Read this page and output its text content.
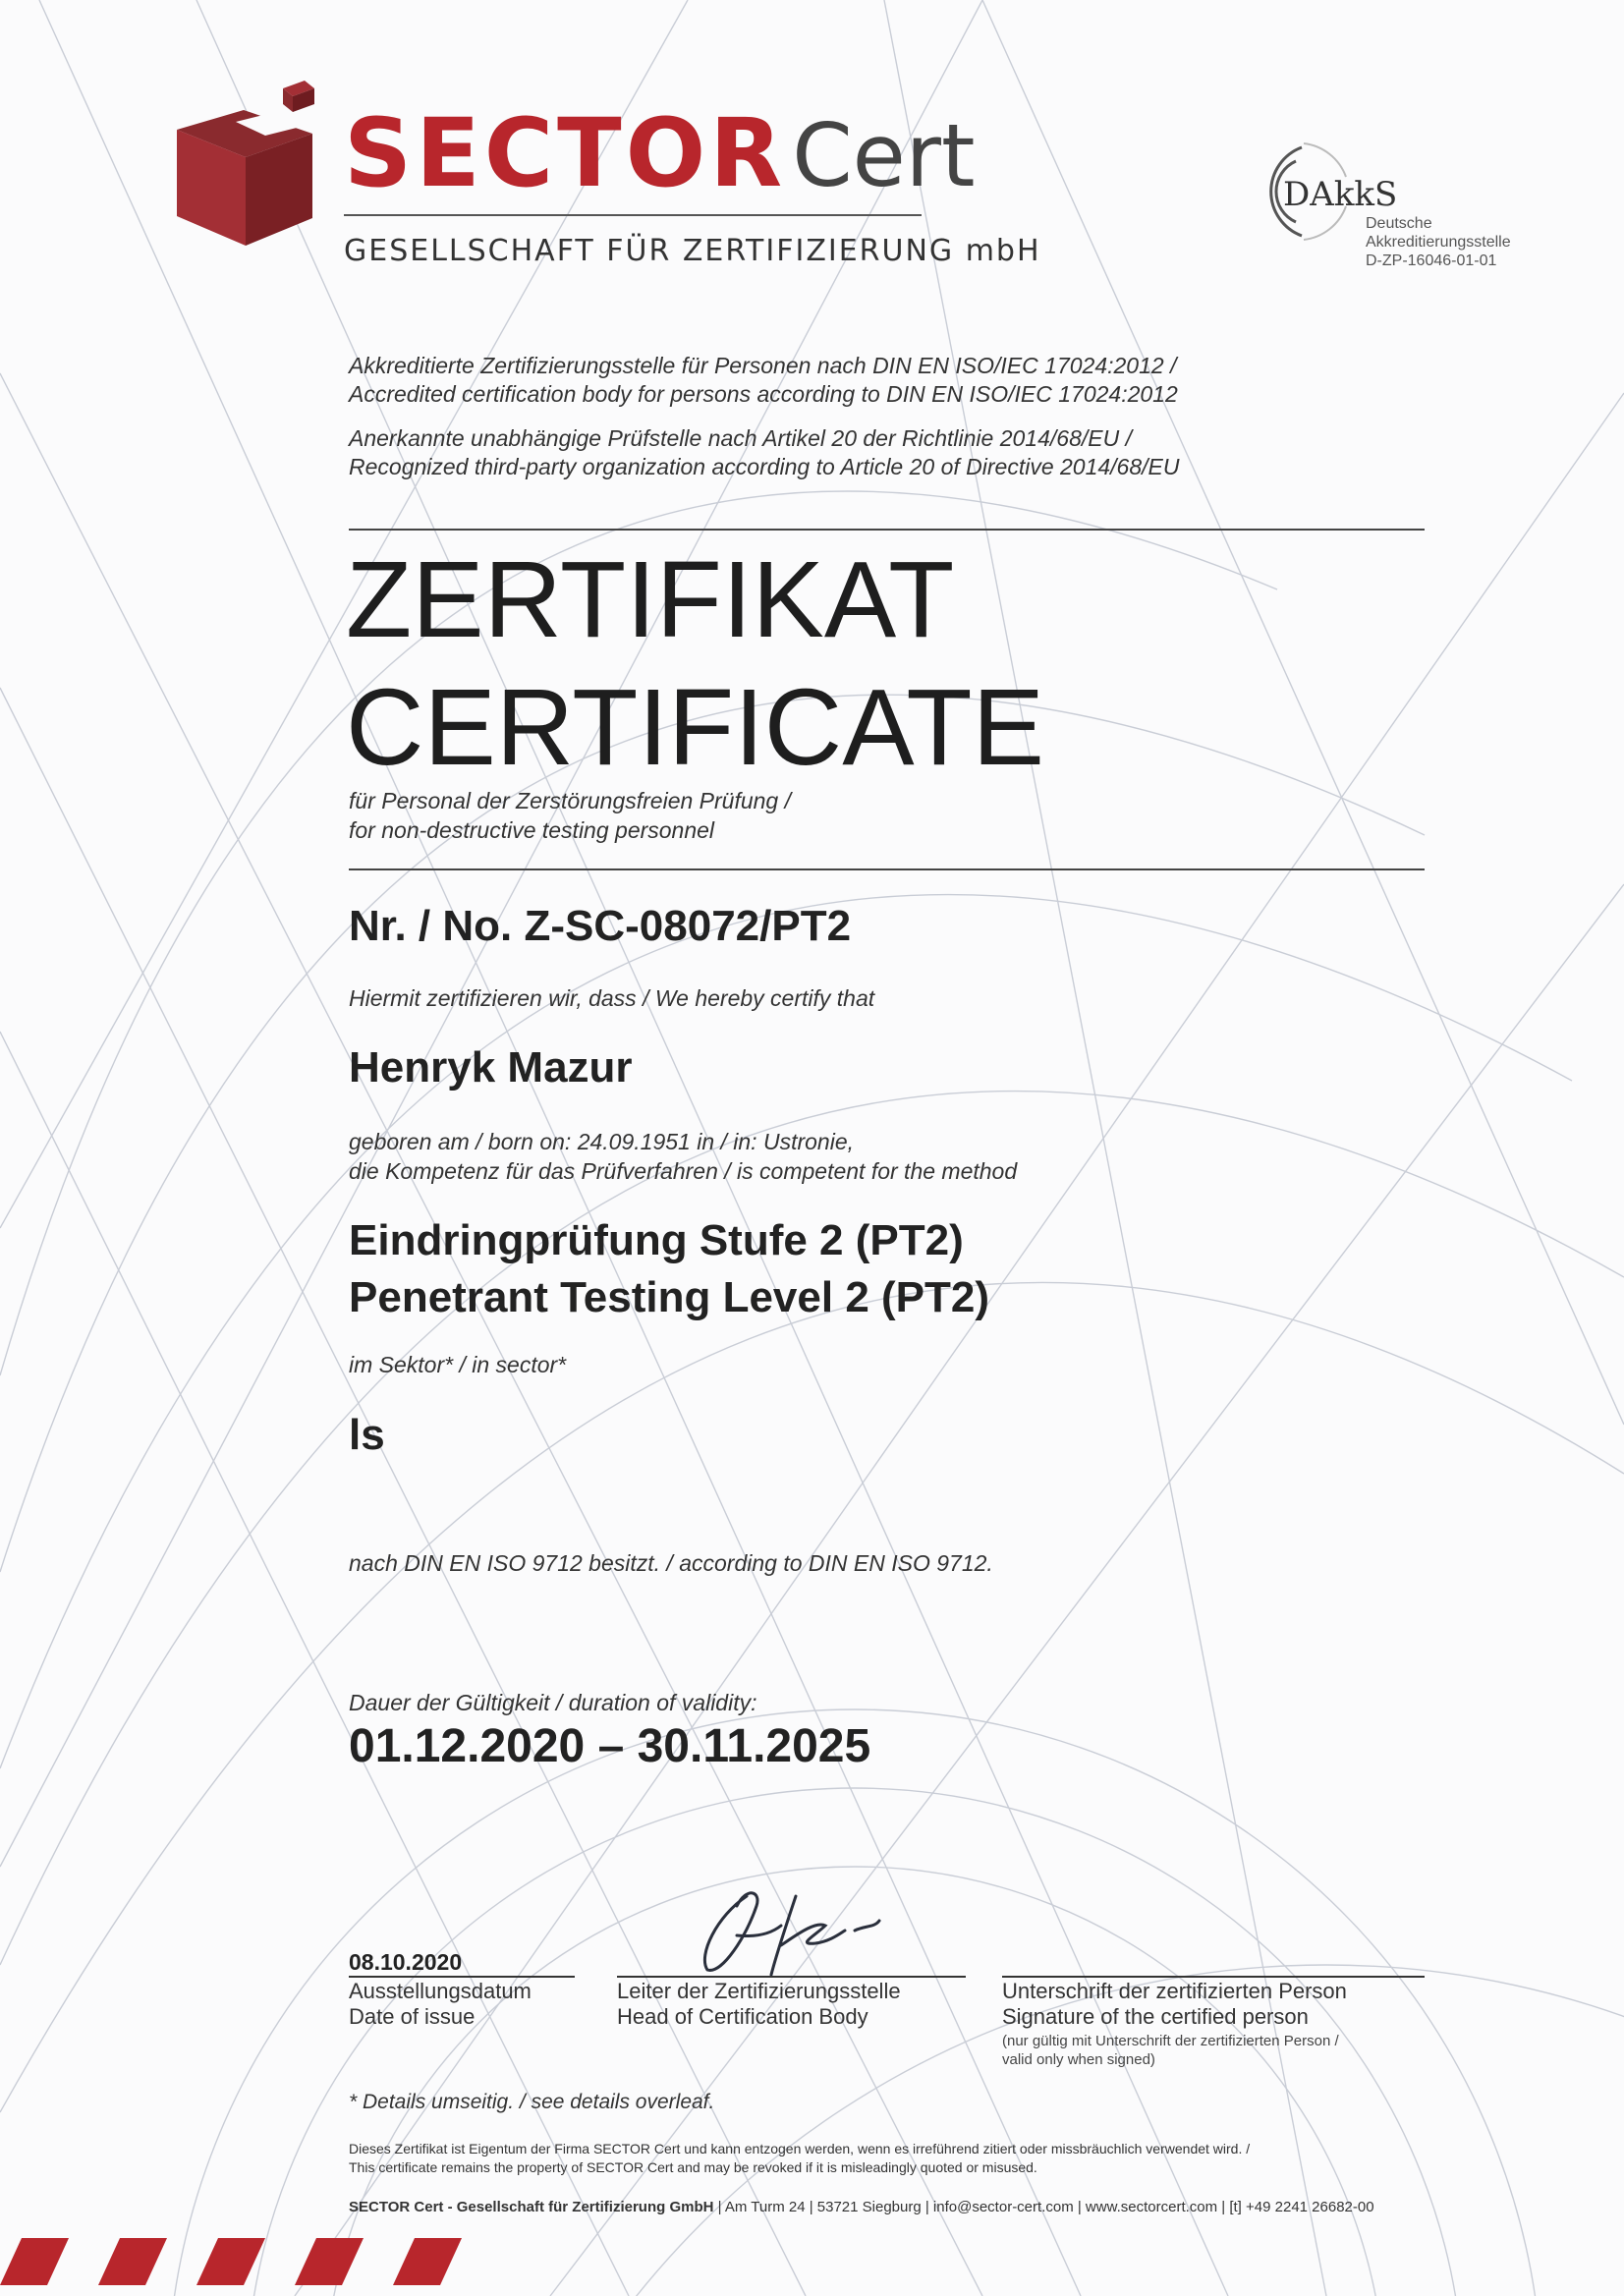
SECTORCert
GESELLSCHAFT FÜR ZERTIFIZIERUNG mbH
DAkkS
Deutsche
Akkreditierungsstelle
D-ZP-16046-01-01
Akkreditierte Zertifizierungsstelle für Personen nach DIN EN ISO/IEC 17024:2012 /
Accredited certification body for persons according to DIN EN ISO/IEC 17024:2012
Anerkannte unabhängige Prüfstelle nach Artikel 20 der Richtlinie 2014/68/EU /
Recognized third-party organization according to Article 20 of Directive 2014/68/EU
ZERTIFIKAT
CERTIFICATE
für Personal der Zerstörungsfreien Prüfung /
for non-destructive testing personnel
Nr. / No. Z-SC-08072/PT2
Hiermit zertifizieren wir, dass / We hereby certify that
Henryk Mazur
geboren am / born on: 24.09.1951 in / in: Ustronie,
die Kompetenz für das Prüfverfahren / is competent for the method
Eindringprüfung Stufe 2 (PT2)
Penetrant Testing Level 2 (PT2)
im Sektor* / in sector*
ls
nach DIN EN ISO 9712 besitzt. / according to DIN EN ISO 9712.
Dauer der Gültigkeit / duration of validity:
01.12.2020 – 30.11.2025
08.10.2020
Ausstellungsdatum
Date of issue
Leiter der Zertifizierungsstelle
Head of Certification Body
Unterschrift der zertifizierten Person
Signature of the certified person
(nur gültig mit Unterschrift der zertifizierten Person /
valid only when signed)
* Details umseitig. / see details overleaf.
Dieses Zertifikat ist Eigentum der Firma SECTOR Cert und kann entzogen werden, wenn es irreführend zitiert oder missbräuchlich verwendet wird. /
This certificate remains the property of SECTOR Cert and may be revoked if it is misleadingly quoted or misused.
SECTOR Cert - Gesellschaft für Zertifizierung GmbH | Am Turm 24 | 53721 Siegburg | info@sector-cert.com | www.sectorcert.com | [t] +49 2241 26682-00
